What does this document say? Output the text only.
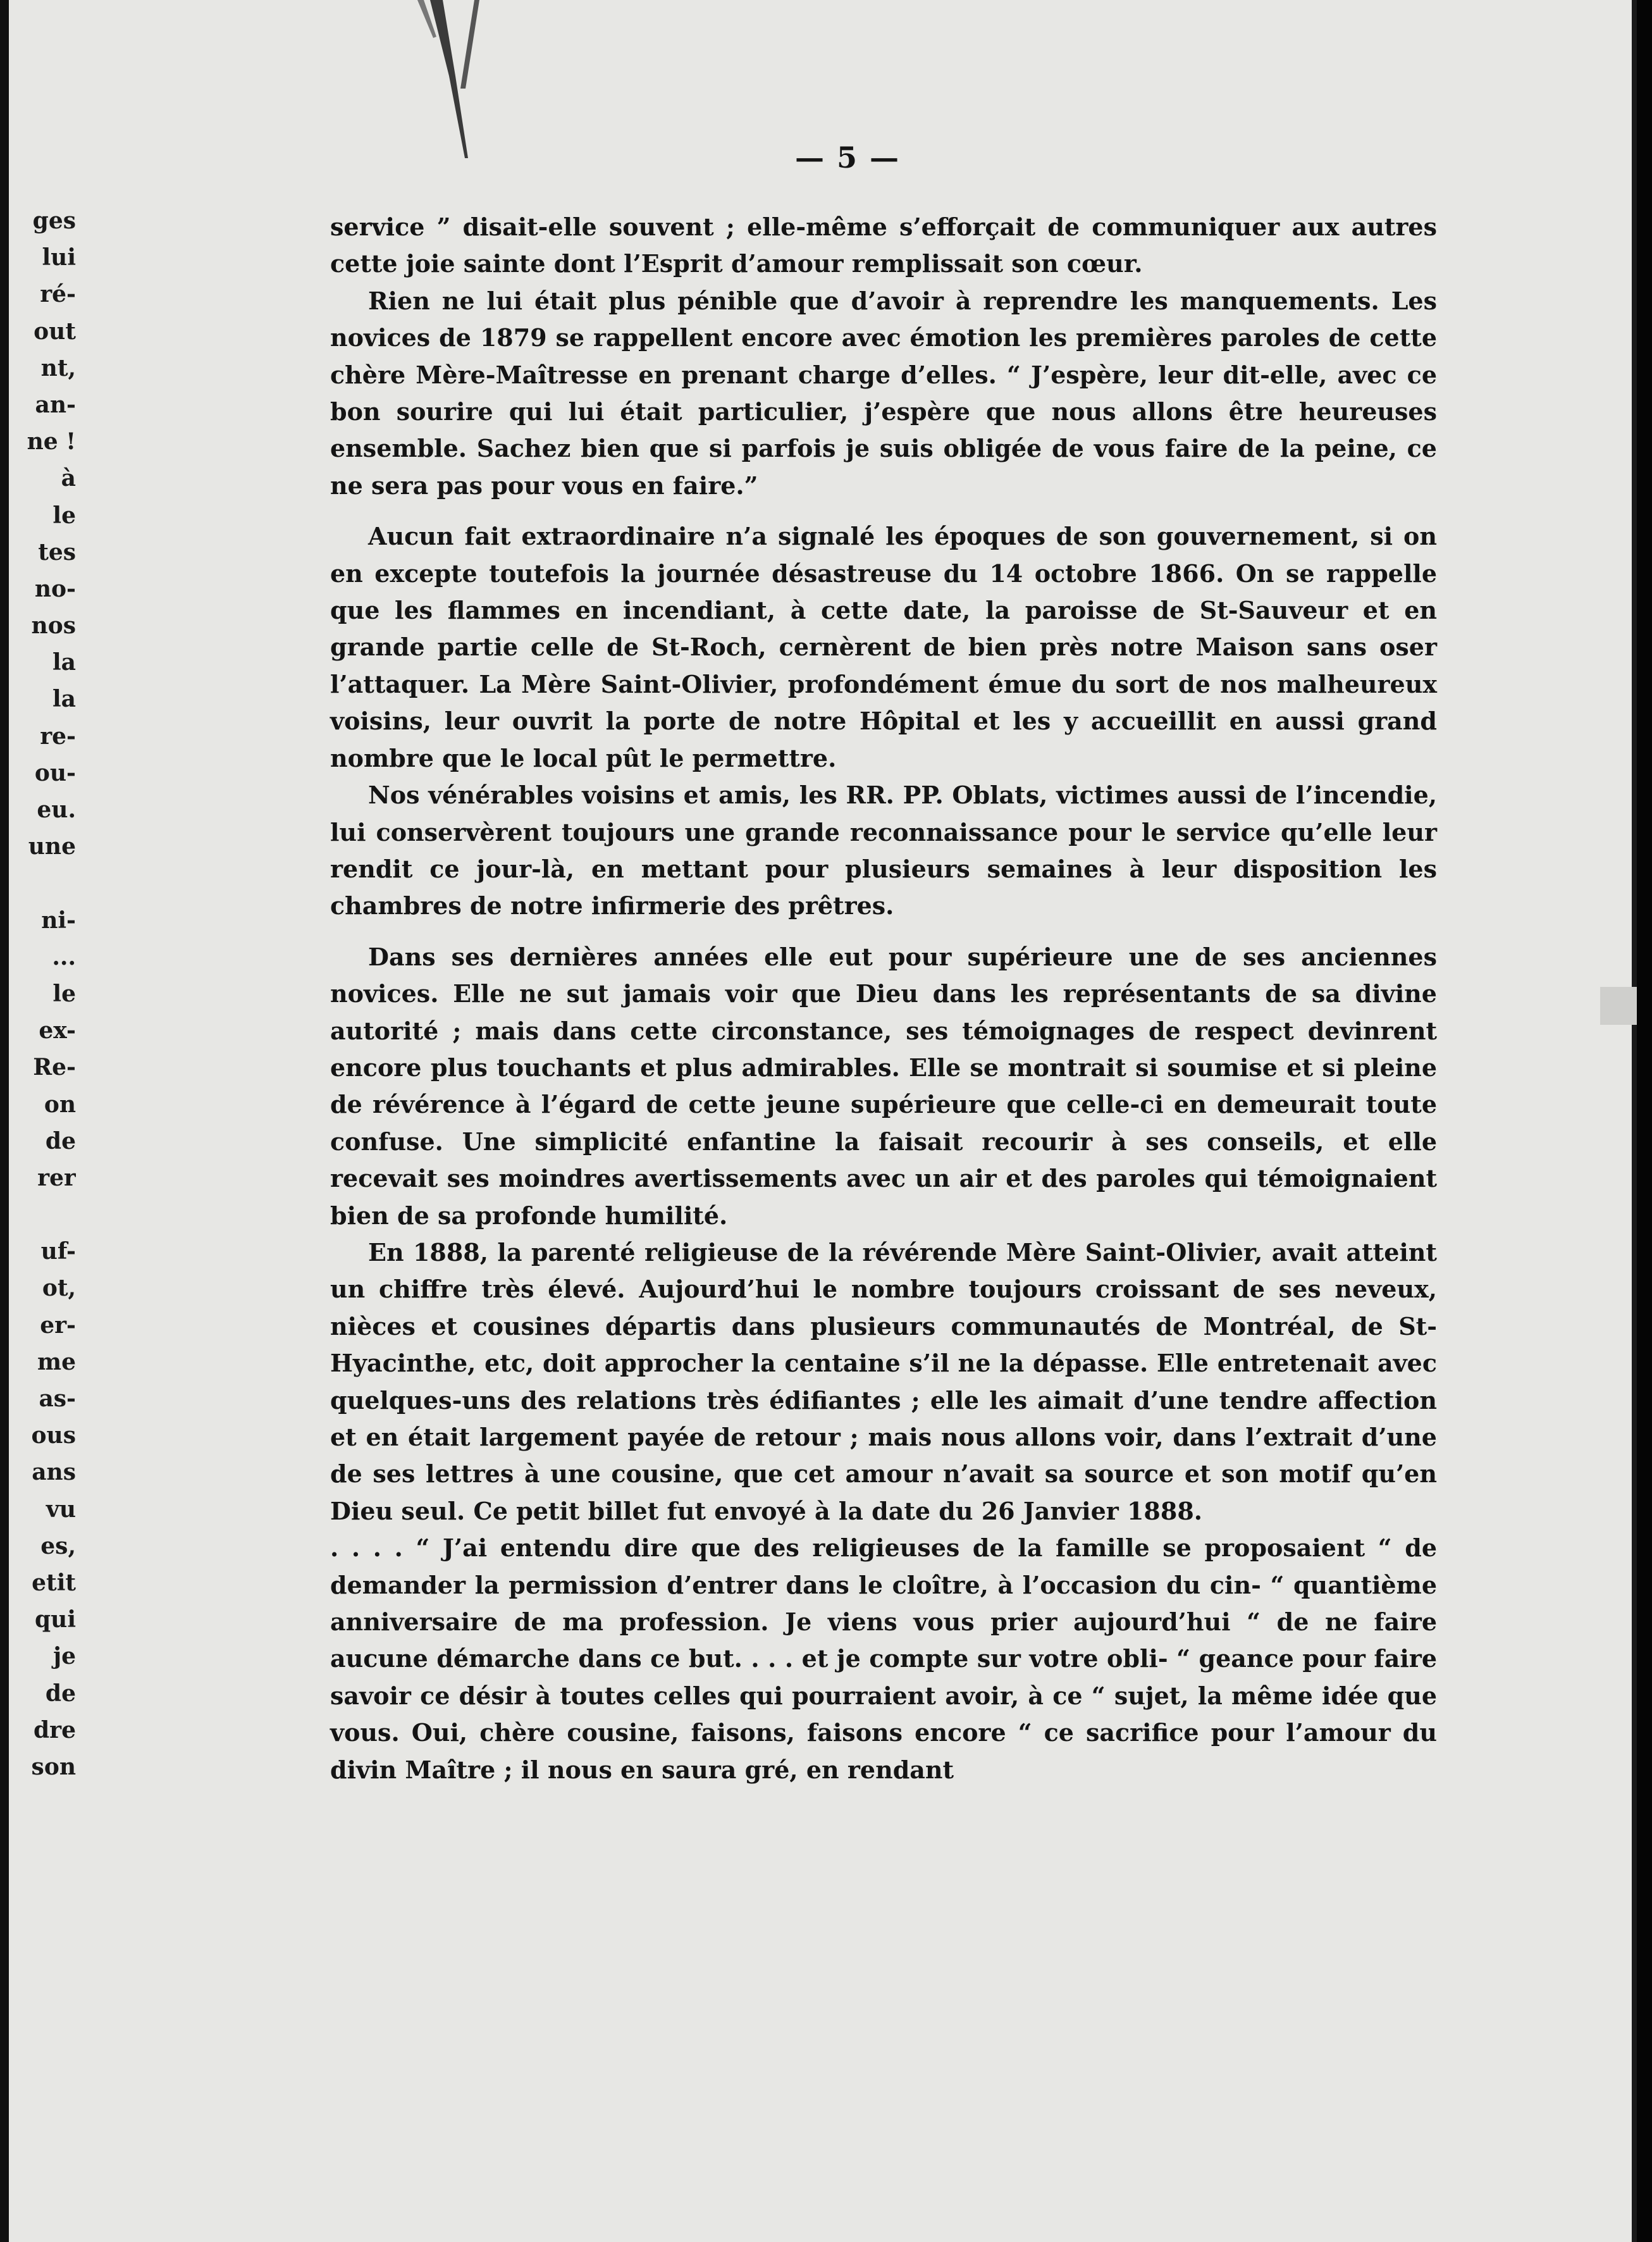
ges
lui
ré-
out
nt,
an-
ne !
à
le
tes
no-
nos
la
la
re-
ou-
eu.
une
ni-
...
le
ex-
Re-
on
de
rer
uf-
ot,
er-
me
as-
ous
ans
vu
es,
etit
qui
je
de
dre
son
— 5 —

service ” disait-elle souvent ; elle-même s’efforçait de communiquer aux autres cette joie sainte dont l’Esprit d’amour remplissait son cœur.

Rien ne lui était plus pénible que d’avoir à reprendre les manquements. Les novices de 1879 se rappellent encore avec émotion les premières paroles de cette chère Mère-Maîtresse en prenant charge d’elles. “ J’espère, leur dit-elle, avec ce bon sourire qui lui était particulier, j’espère que nous allons être heureuses ensemble. Sachez bien que si parfois je suis obligée de vous faire de la peine, ce ne sera pas pour vous en faire.”

Aucun fait extraordinaire n’a signalé les époques de son gouvernement, si on en excepte toutefois la journée désastreuse du 14 octobre 1866. On se rappelle que les flammes en incendiant, à cette date, la paroisse de St-Sauveur et en grande partie celle de St-Roch, cernèrent de bien près notre Maison sans oser l’attaquer. La Mère Saint-Olivier, profondément émue du sort de nos malheureux voisins, leur ouvrit la porte de notre Hôpital et les y accueillit en aussi grand nombre que le local pût le permettre.

Nos vénérables voisins et amis, les RR. PP. Oblats, victimes aussi de l’incendie, lui conservèrent toujours une grande reconnaissance pour le service qu’elle leur rendit ce jour-là, en mettant pour plusieurs semaines à leur disposition les chambres de notre infirmerie des prêtres.

Dans ses dernières années elle eut pour supérieure une de ses anciennes novices. Elle ne sut jamais voir que Dieu dans les représentants de sa divine autorité ; mais dans cette circonstance, ses témoignages de respect devinrent encore plus touchants et plus admirables. Elle se montrait si soumise et si pleine de révérence à l’égard de cette jeune supérieure que celle-ci en demeurait toute confuse. Une simplicité enfantine la faisait recourir à ses conseils, et elle recevait ses moindres avertissements avec un air et des paroles qui témoignaient bien de sa profonde humilité.

En 1888, la parenté religieuse de la révérende Mère Saint-Olivier, avait atteint un chiffre très élevé. Aujourd’hui le nombre toujours croissant de ses neveux, nièces et cousines départis dans plusieurs communautés de Montréal, de St-Hyacinthe, etc, doit approcher la centaine s’il ne la dépasse. Elle entretenait avec quelques-uns des relations très édifiantes ; elle les aimait d’une tendre affection et en était largement payée de retour ; mais nous allons voir, dans l’extrait d’une de ses lettres à une cousine, que cet amour n’avait sa source et son motif qu’en Dieu seul. Ce petit billet fut envoyé à la date du 26 Janvier 1888.

. . . . “ J’ai entendu dire que des religieuses de la famille se proposaient “ de demander la permission d’entrer dans le cloître, à l’occasion du cin- “ quantième anniversaire de ma profession. Je viens vous prier aujourd’hui “ de ne faire aucune démarche dans ce but. . . . et je compte sur votre obli- “ geance pour faire savoir ce désir à toutes celles qui pourraient avoir, à ce “ sujet, la même idée que vous. Oui, chère cousine, faisons, faisons encore “ ce sacrifice pour l’amour du divin Maître ; il nous en saura gré, en rendant
